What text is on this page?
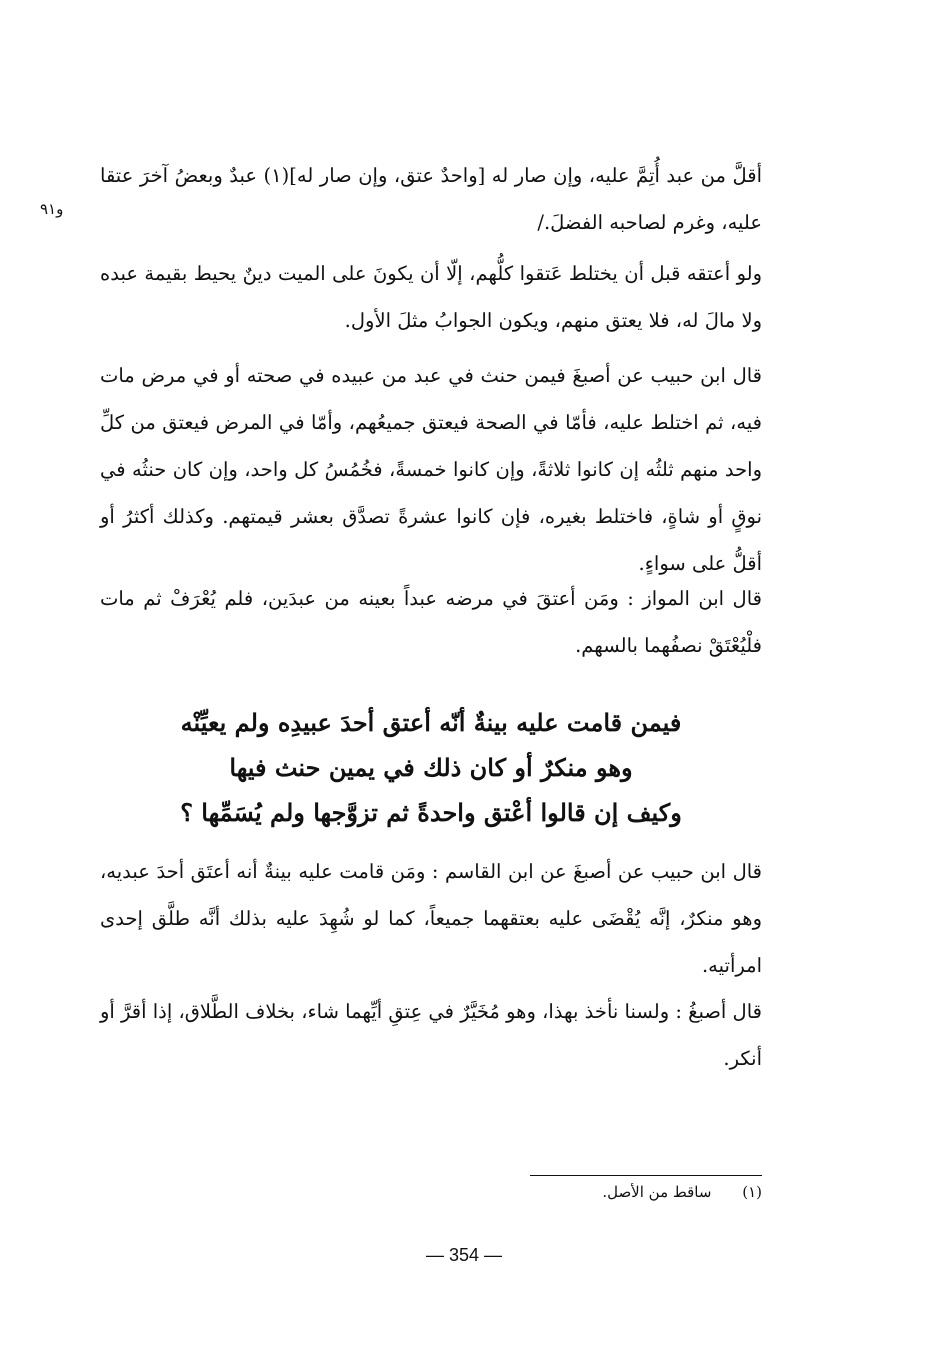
و٩١

أقلَّ من عبد أُتِمَّ عليه، وإن صار له [واحدٌ عتق، وإن صار له](١) عبدٌ وبعضُ آخرَ عتقا عليه، وغرم لصاحبه الفضلَ./

ولو أعتقه قبل أن يختلط عَتقوا كلُّهم، إلّا أن يكونَ على الميت دينٌ يحيط بقيمة عبده ولا مالَ له، فلا يعتق منهم، ويكون الجوابُ مثلَ الأول.

قال ابن حبيب عن أصبغَ فيمن حنث في عبد من عبيده في صحته أو في مرض مات فيه، ثم اختلط عليه، فأمّا في الصحة فيعتق جميعُهم، وأمّا في المرض فيعتق من كلِّ واحد منهم ثلثُه إن كانوا ثلاثةً، وإن كانوا خمسةً، فخُمُسُ كل واحد، وإن كان حنثُه في نوقٍ أو شاةٍ، فاختلط بغيره، فإن كانوا عشرةً تصدَّق بعشر قيمتهم. وكذلك أكثرُ أو أقلُّ على سواءٍ.

قال ابن المواز : ومَن أعتقَ في مرضه عبداً بعينه من عبدَين، فلم يُعْرَفْ ثم مات فلْيُعْتَقْ نصفُهما بالسهم.

فيمن قامت عليه بينةٌ أنّه أعتق أحدَ عبيدِه ولم يعيِّنْه
وهو منكرٌ أو كان ذلك في يمين حنث فيها
وكيف إن قالوا أعْتق واحدةً ثم تزوَّجها ولم يُسَمِّها ؟

قال ابن حبيب عن أصبغَ عن ابن القاسم : ومَن قامت عليه بينةٌ أنه أعتَق أحدَ عبديه، وهو منكرٌ، إنَّه يُقْضَى عليه بعتقهما جميعاً، كما لو شُهِدَ عليه بذلك أنَّه طلَّق إحدى امرأتيه.

قال أصبغُ : ولسنا نأخذ بهذا، وهو مُخَيَّرٌ في عِتقِ أيِّهما شاء، بخلاف الطَّلاق، إذا أقرَّ أو أنكر.

(١) ساقط من الأصل.
— 354 —
